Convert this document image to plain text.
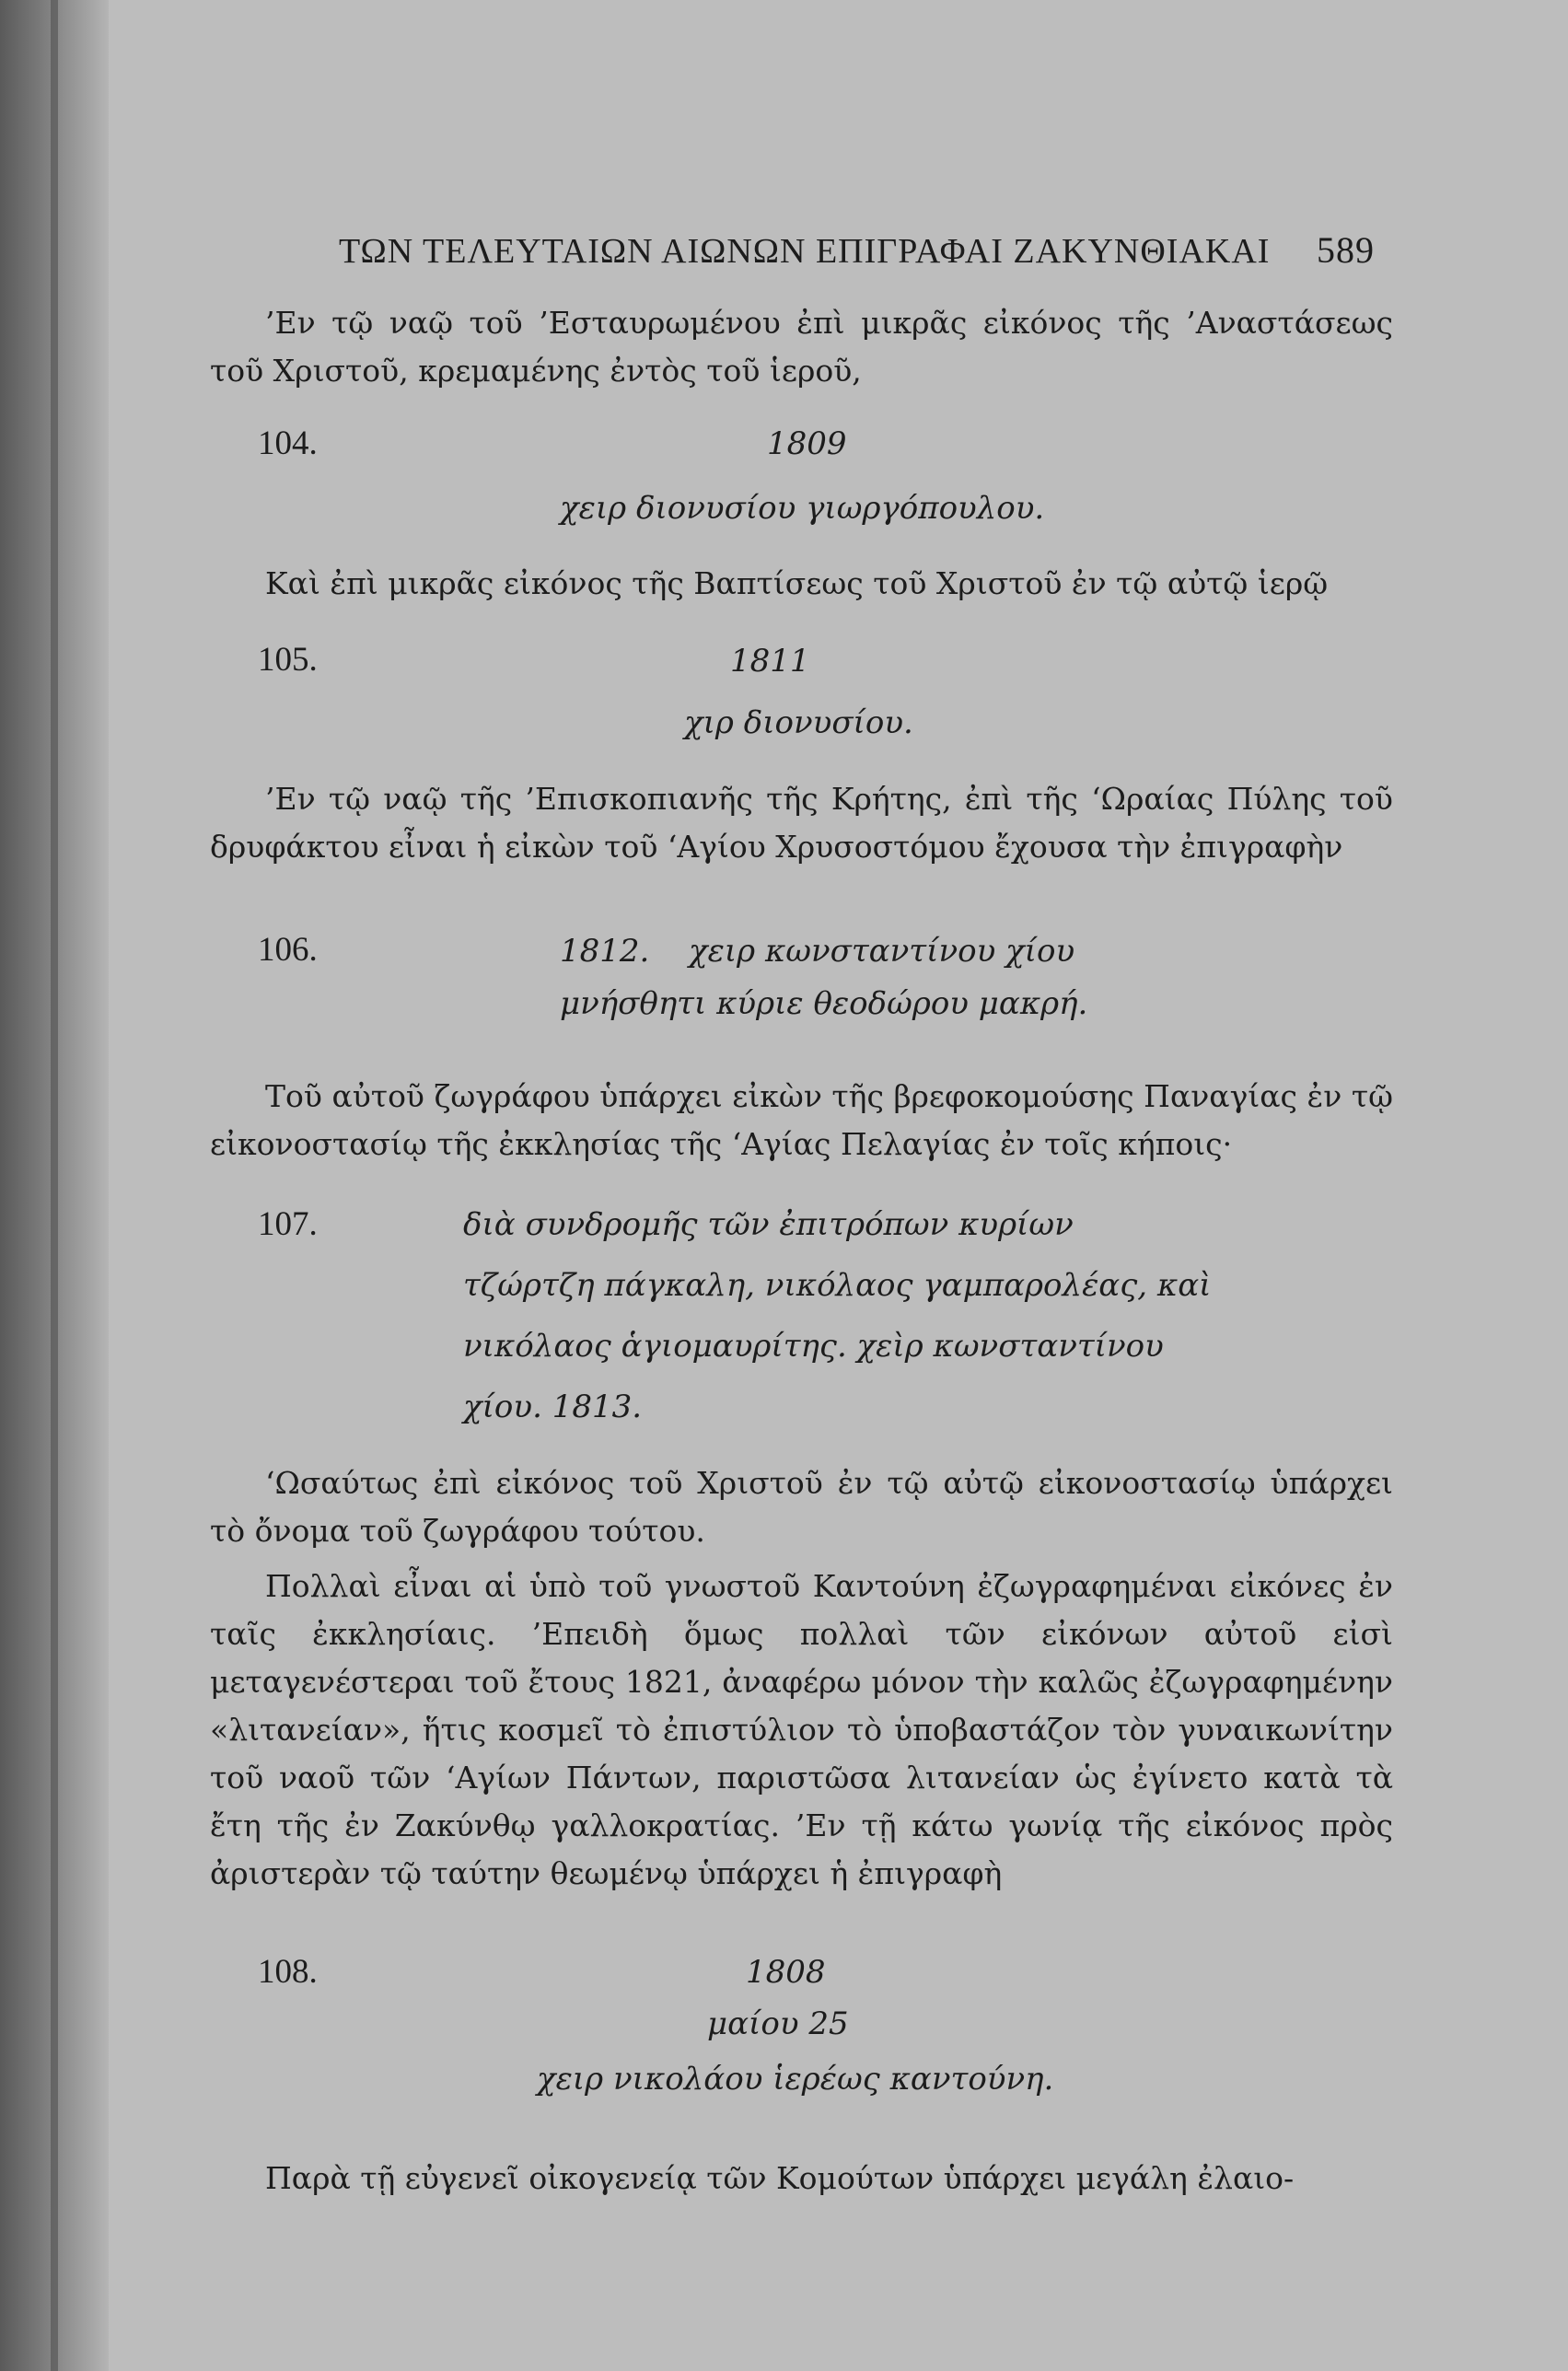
ΤΩΝ ΤΕΛΕΥΤΑΙΩΝ ΑΙΩΝΩΝ ΕΠΙΓΡΑΦΑΙ ΖΑΚΥΝΘΙΑΚΑΙ 589
’Εν τῷ ναῷ τοῦ ’Εσταυρωμένου ἐπὶ μικρᾶς εἰκόνος τῆς ’Αναστάσεως τοῦ Χριστοῦ, κρεμαμένης ἐντὸς τοῦ ἱεροῦ,
104.	1809
χειρ διονυσίου γιωργόπουλου.
Καὶ ἐπὶ μικρᾶς εἰκόνος τῆς Βαπτίσεως τοῦ Χριστοῦ ἐν τῷ αὐτῷ ἱερῷ
105.	1811
χιρ διονυσίου.
’Εν τῷ ναῷ τῆς ’Επισκοπιανῆς τῆς Κρήτης, ἐπὶ τῆς ‘Ωραίας Πύλης τοῦ δρυφάκτου εἶναι ἡ εἰκὼν τοῦ ‘Αγίου Χρυσοστόμου ἔχουσα τὴν ἐπιγραφὴν
106.	1812. χειρ κωνσταντίνου χίου
μνήσθητι κύριε θεοδώρου μακρή.
Τοῦ αὐτοῦ ζωγράφου ὑπάρχει εἰκὼν τῆς βρεφοκομούσης Παναγίας ἐν τῷ εἰκονοστασίῳ τῆς ἐκκλησίας τῆς ‘Αγίας Πελαγίας ἐν τοῖς κήποις·
107.	διὰ συνδρομῆς τῶν ἐπιτρόπων κυρίων
τζώρτζη πάγκαλη, νικόλαος γαμπαρολέας, καὶ
νικόλαος ἁγιομαυρίτης. χεὶρ κωνσταντίνου
χίου. 1813.
‘Ωσαύτως ἐπὶ εἰκόνος τοῦ Χριστοῦ ἐν τῷ αὐτῷ εἰκονοστασίῳ ὑπάρχει τὸ ὄνομα τοῦ ζωγράφου τούτου.
Πολλαὶ εἶναι αἱ ὑπὸ τοῦ γνωστοῦ Καντούνη ἐζωγραφημέναι εἰκόνες ἐν ταῖς ἐκκλησίαις. ’Επειδὴ ὅμως πολλαὶ τῶν εἰκόνων αὐτοῦ εἰσὶ μεταγενέστεραι τοῦ ἔτους 1821, ἀναφέρω μόνον τὴν καλῶς ἐζωγραφημένην «λιτανείαν», ἥτις κοσμεῖ τὸ ἐπιστύλιον τὸ ὑποβαστάζον τὸν γυναικωνίτην τοῦ ναοῦ τῶν ‘Αγίων Πάντων, παριστῶσα λιτανείαν ὡς ἐγίνετο κατὰ τὰ ἔτη τῆς ἐν Ζακύνθῳ γαλλοκρατίας. ’Εν τῇ κάτω γωνίᾳ τῆς εἰκόνος πρὸς ἀριστερὰν τῷ ταύτην θεωμένῳ ὑπάρχει ἡ ἐπιγραφὴ
108.	1808
μαίου 25
χειρ νικολάου ἱερέως καντούνη.
Παρὰ τῇ εὐγενεῖ οἰκογενείᾳ τῶν Κομούτων ὑπάρχει μεγάλη ἐλαιο-
